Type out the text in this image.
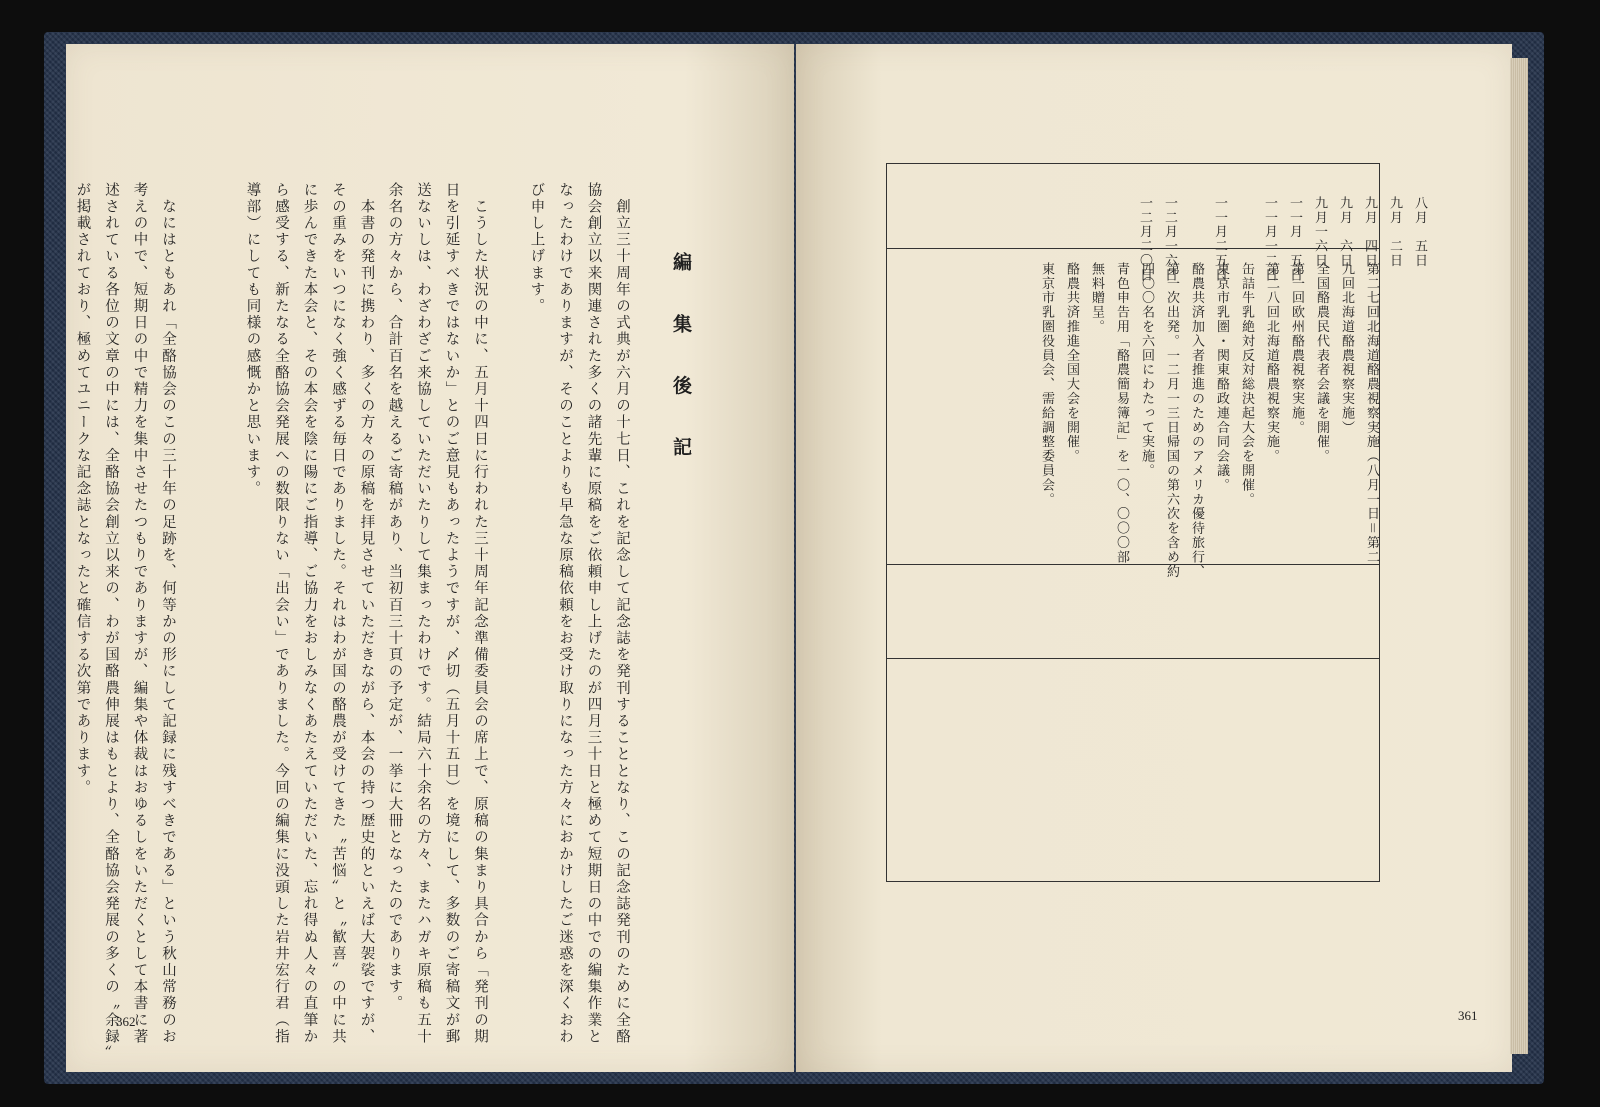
編 集 後 記
　創立三十周年の式典が六月の十七日、これを記念して記念誌を発刊することとなり、この記念誌発刊のために全酪
協会創立以来関連された多くの諸先輩に原稿をご依頼申し上げたのが四月三十日と極めて短期日の中での編集作業と
なったわけでありますが、そのことよりも早急な原稿依頼をお受け取りになった方々におかけしたご迷惑を深くおわ
び申し上げます。
　こうした状況の中に、五月十四日に行われた三十周年記念準備委員会の席上で、原稿の集まり具合から「発刊の期
日を引延すべきではないか」とのご意見もあったようですが、〆切（五月十五日）を境にして、多数のご寄稿文が郵
送ないしは、わざわざご来協していただいたりして集まったわけです。結局六十余名の方々、またハガキ原稿も五十
余名の方々から、合計百名を越えるご寄稿があり、当初百三十頁の予定が、一挙に大冊となったのであります。
　本書の発刊に携わり、多くの方々の原稿を拝見させていただきながら、本会の持つ歴史的といえば大袈裟ですが、
その重みをいつになく強く感ずる毎日でありました。それはわが国の酪農が受けてきた〝苦悩〟と〝歓喜〟の中に共
に歩んできた本会と、その本会を陰に陽にご指導、ご協力をおしみなくあたえていただいた、忘れ得ぬ人々の直筆か
ら感受する、新たなる全酪協会発展への数限りない「出会い」でありました。今回の編集に没頭した岩井宏行君（指
導部）にしても同様の感慨かと思います。
　なにはともあれ「全酪協会のこの三十年の足跡を、何等かの形にして記録に残すべきである」という秋山常務のお
考えの中で、短期日の中で精力を集中させたつもりでありますが、編集や体裁はおゆるしをいただくとして本書に著
述されている各位の文章の中には、全酪協会創立以来の、わが国酪農伸展はもとより、全酪協会発展の多くの〝余録〟
が掲載されており、極めてユニークな記念誌となったと確信する次第であります。
362
八月　五日
九月　二日
九月　四日
九月　六日
九月一六日
一一月　五日
一一月一二日

一一月二五日

一二月一六日
一二月二〇日
第二七回北海道酪農視察実施（八月一日＝第二
九回北海道酪農視察実施）
全国酪農民代表者会議を開催。
第一回欧州酪農視察実施。
第二八回北海道酪農視察実施。
缶詰牛乳絶対反対総決起大会を開催。
東京市乳圏・関東酪政連合同会議。
酪農共済加入者推進のためのアメリカ優待旅行、
第一次出発。一二月一三日帰国の第六次を含め約
四〇〇名を六回にわたって実施。
青色申告用「酪農簡易簿記」を一〇、〇〇〇部
無料贈呈。
酪農共済推進全国大会を開催。
東京市乳圏役員会、需給調整委員会。
361
